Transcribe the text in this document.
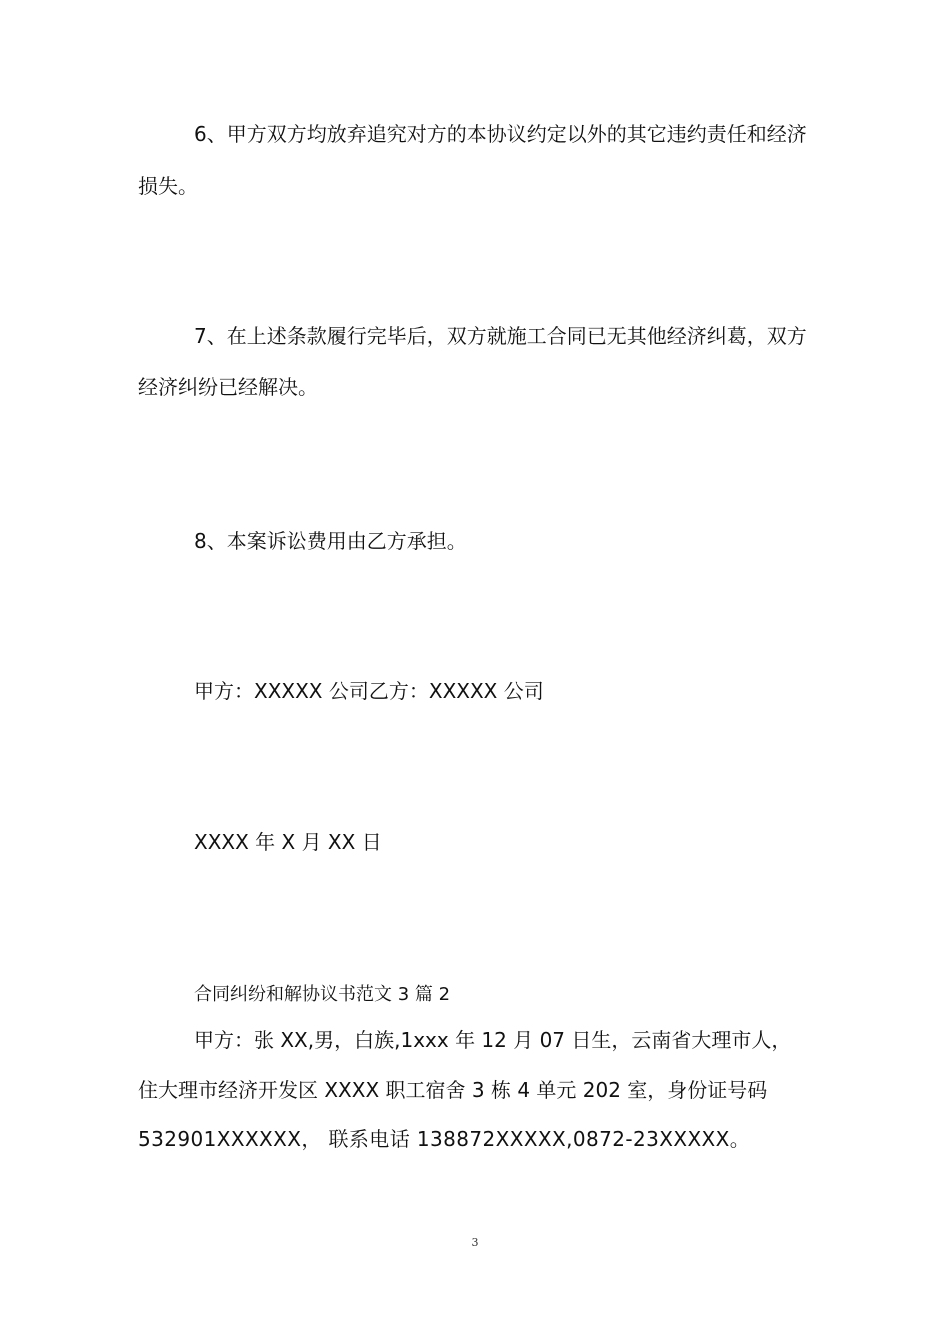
6、甲方双方均放弃追究对方的本协议约定以外的其它违约责任和经济
损失。
7、在上述条款履行完毕后，双方就施工合同已无其他经济纠葛，双方
经济纠纷已经解决。
8、本案诉讼费用由乙方承担。
甲方：XXXXX 公司乙方：XXXXX 公司
XXXX 年 X 月 XX 日
合同纠纷和解协议书范文 3 篇 2
甲方：张 XX,男，白族,1xxx 年 12 月 07 日生，云南省大理市人，
住大理市经济开发区 XXXX 职工宿舍 3 栋 4 单元 202 室，身份证号码
532901XXXXXX， 联系电话 138872XXXXX,0872-23XXXXX。
3
